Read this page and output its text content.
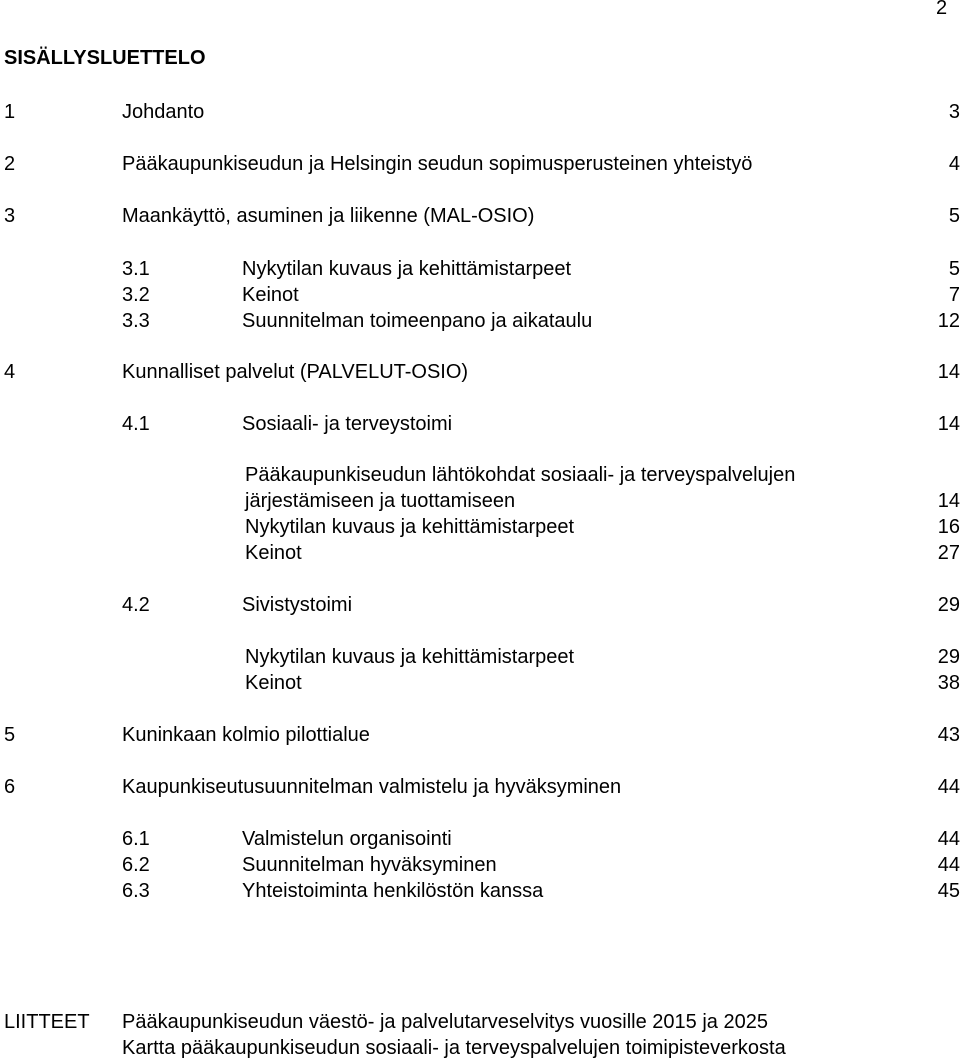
2
SISÄLLYSLUETTELO
1	Johdanto	3
2	Pääkaupunkiseudun ja Helsingin seudun sopimusperusteinen yhteistyö	4
3	Maankäyttö, asuminen ja liikenne (MAL-OSIO)	5
3.1	Nykytilan kuvaus ja kehittämistarpeet	5
3.2	Keinot	7
3.3	Suunnitelman toimeenpano ja aikataulu	12
4	Kunnalliset palvelut (PALVELUT-OSIO)	14
4.1	Sosiaali- ja terveystoimi	14
Pääkaupunkiseudun lähtökohdat sosiaali- ja terveyspalvelujen
järjestämiseen ja tuottamiseen	14
Nykytilan kuvaus ja kehittämistarpeet	16
Keinot	27
4.2	Sivistystoimi	29
Nykytilan kuvaus ja kehittämistarpeet	29
Keinot	38
5	Kuninkaan kolmio pilottialue	43
6	Kaupunkiseutusuunnitelman valmistelu ja hyväksyminen	44
6.1	Valmistelun organisointi	44
6.2	Suunnitelman hyväksyminen	44
6.3	Yhteistoiminta henkilöstön kanssa	45
LIITTEET Pääkaupunkiseudun väestö- ja palvelutarveselvitys vuosille 2015 ja 2025
Kartta pääkaupunkiseudun sosiaali- ja terveyspalvelujen toimipisteverkosta
